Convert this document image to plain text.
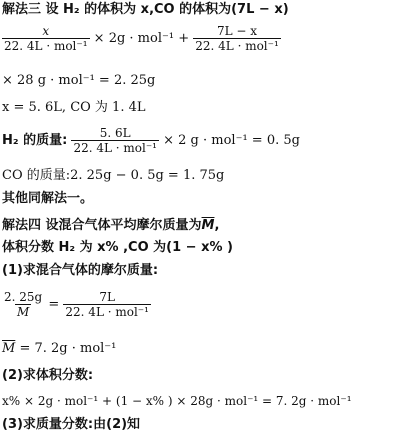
解法三 设 H₂ 的体积为 x,CO 的体积为(7L − x)
$\frac{x}{\text{22. 4L · mol⁻¹}} \times 2g \cdot mol^{-1} + \frac{7L - x}{\text{22. 4L · mol⁻¹}}$
× 28 g · mol⁻¹ = 2. 25g
x = 5. 6L, CO 为 1. 4L
H₂ 的质量: $\frac{5. 6L}{\text{22. 4L · mol⁻¹}} \times 2$ g · mol⁻¹ = 0. 5g
CO 的质量:2. 25g − 0. 5g = 1. 75g
其他同解法一。
解法四 设混合气体平均摩尔质量为$\overline{M}$,
体积分数 H₂ 为 x% ,CO 为(1 − x% )
(1)求混合气体的摩尔质量:
$\frac{2. 25g}{M} = \frac{7L}{\text{22. 4L · mol⁻¹}}$
$\overline{M} = 7$. 2g · mol⁻¹
(2)求体积分数:
x% × 2g · mol⁻¹ + (1 − x% ) × 28g · mol⁻¹ = 7. 2g · mol⁻¹
(3)求质量分数:由(2)知
